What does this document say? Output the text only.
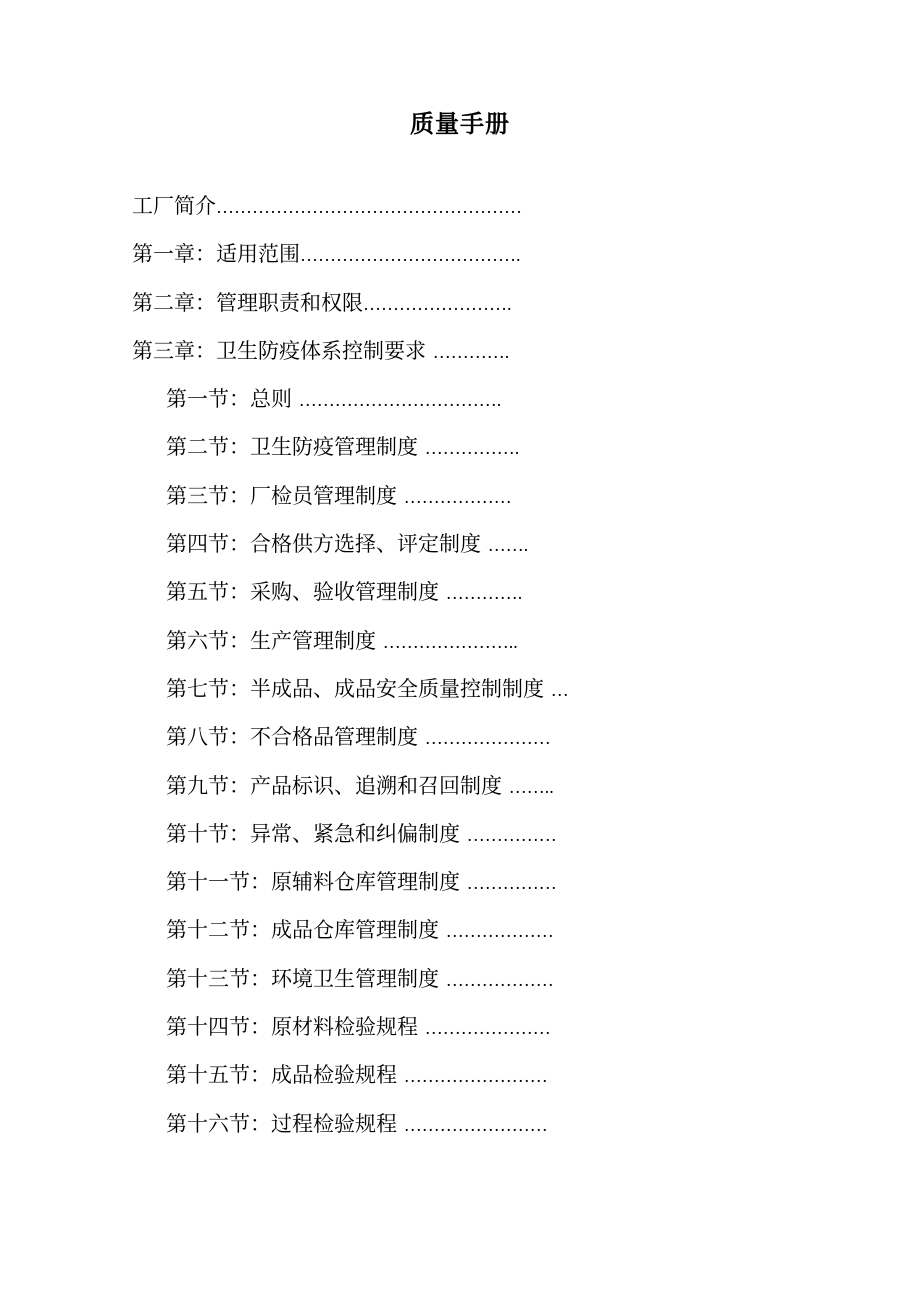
质量手册
工厂简介……………………………………………
第一章：适用范围……………………………….
第二章：管理职责和权限…………………….
第三章：卫生防疫体系控制要求 ………….
第一节：总则 …………………………….
第二节：卫生防疫管理制度 …………….
第三节：厂检员管理制度 ………………
第四节：合格供方选择、评定制度 …….
第五节：采购、验收管理制度 ………….
第六节：生产管理制度 …………………..
第七节：半成品、成品安全质量控制制度 …
第八节：不合格品管理制度 …………………
第九节：产品标识、追溯和召回制度 ……..
第十节：异常、紧急和纠偏制度 ……………
第十一节：原辅料仓库管理制度 ……………
第十二节：成品仓库管理制度 ………………
第十三节：环境卫生管理制度 ………………
第十四节：原材料检验规程 …………………
第十五节：成品检验规程 ……………………
第十六节：过程检验规程 ……………………
